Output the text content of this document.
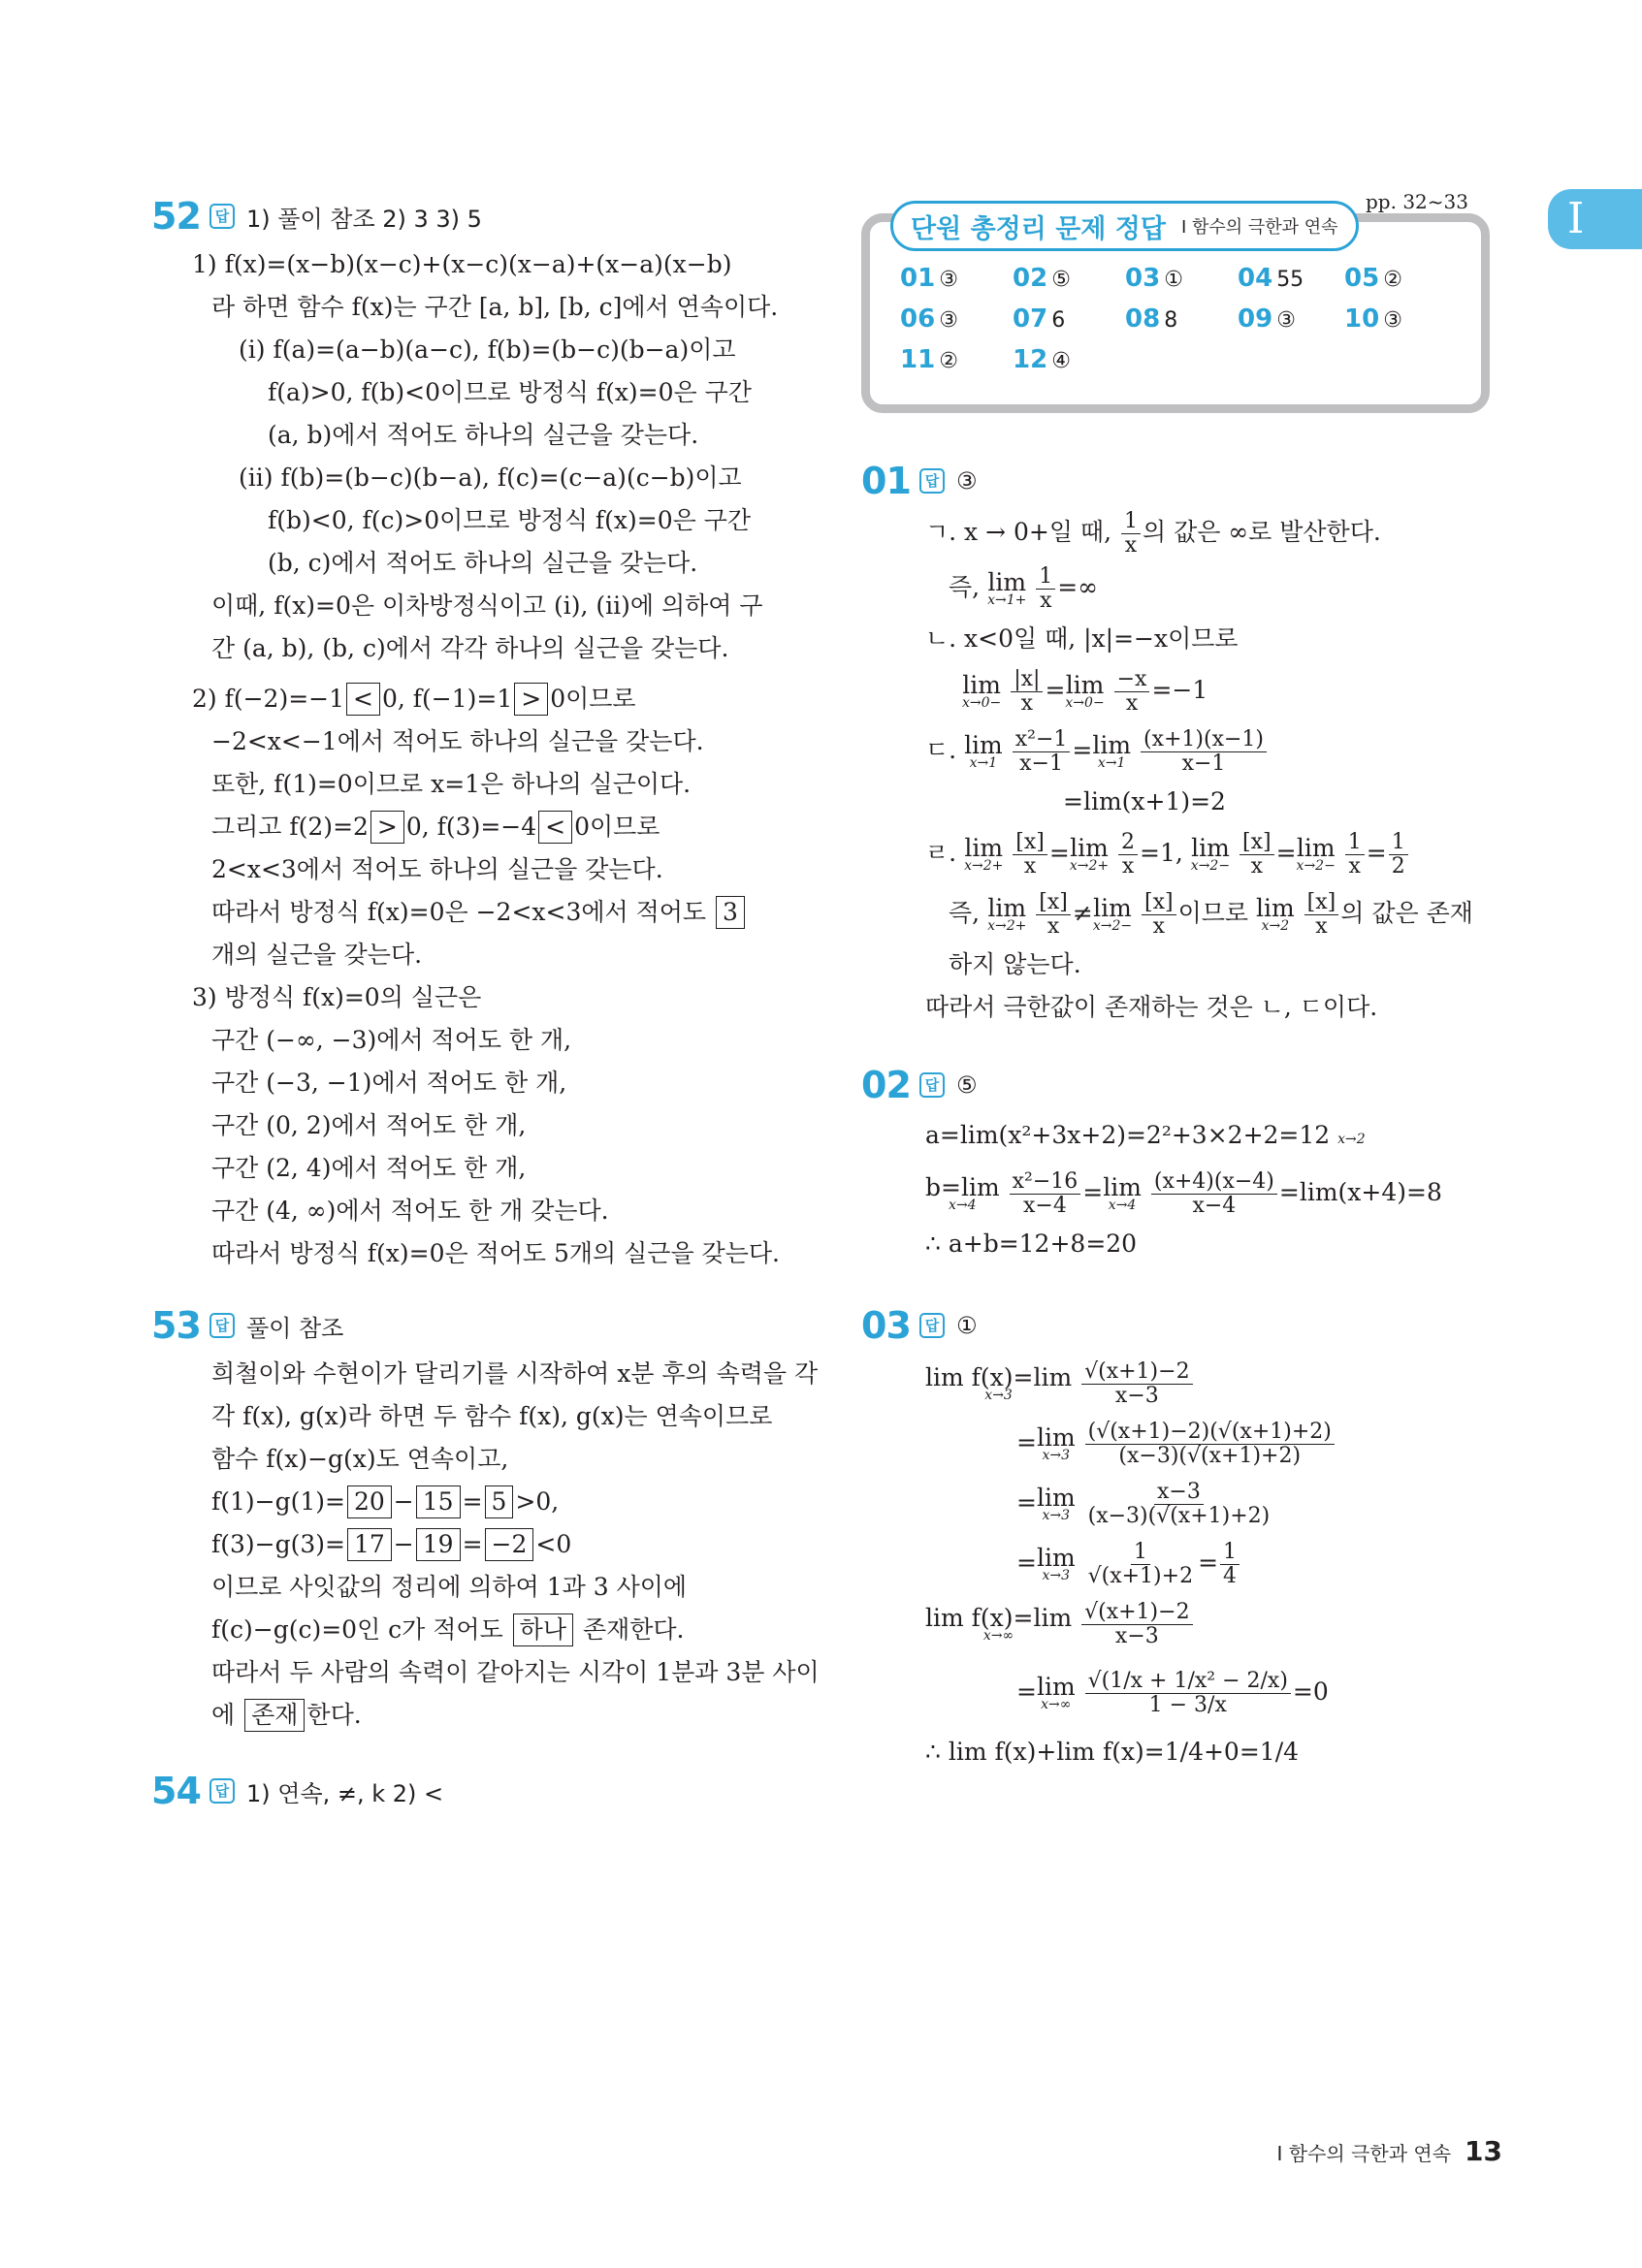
I
52 답 1) 풀이 참조 2) 3 3) 5
1) f(x)=(x−b)(x−c)+(x−c)(x−a)+(x−a)(x−b)
라 하면 함수 f(x)는 구간 [a, b], [b, c]에서 연속이다.
(i) f(a)=(a−b)(a−c), f(b)=(b−c)(b−a)이고
f(a)>0, f(b)<0이므로 방정식 f(x)=0은 구간
(a, b)에서 적어도 하나의 실근을 갖는다.
(ii) f(b)=(b−c)(b−a), f(c)=(c−a)(c−b)이고
f(b)<0, f(c)>0이므로 방정식 f(x)=0은 구간
(b, c)에서 적어도 하나의 실근을 갖는다.
이때, f(x)=0은 이차방정식이고 (i), (ii)에 의하여 구
간 (a, b), (b, c)에서 각각 하나의 실근을 갖는다.
2) f(−2)=−1 < 0, f(−1)=1 > 0이므로
−2<x<−1에서 적어도 하나의 실근을 갖는다.
또한, f(1)=0이므로 x=1은 하나의 실근이다.
그리고 f(2)=2 > 0, f(3)=−4 < 0이므로
2<x<3에서 적어도 하나의 실근을 갖는다.
따라서 방정식 f(x)=0은 −2<x<3에서 적어도 3
개의 실근을 갖는다.
3) 방정식 f(x)=0의 실근은
구간 (−∞, −3)에서 적어도 한 개,
구간 (−3, −1)에서 적어도 한 개,
구간 (0, 2)에서 적어도 한 개,
구간 (2, 4)에서 적어도 한 개,
구간 (4, ∞)에서 적어도 한 개 갖는다.
따라서 방정식 f(x)=0은 적어도 5개의 실근을 갖는다.
53 답 풀이 참조
희철이와 수현이가 달리기를 시작하여 x분 후의 속력을 각
각 f(x), g(x)라 하면 두 함수 f(x), g(x)는 연속이므로
함수 f(x)−g(x)도 연속이고,
f(1)−g(1)= 20 − 15 = 5 >0,
f(3)−g(3)= 17 − 19 = −2 <0
이므로 사잇값의 정리에 의하여 1과 3 사이에
f(c)−g(c)=0인 c가 적어도 하나 존재한다.
따라서 두 사람의 속력이 같아지는 시각이 1분과 3분 사이
에 존재 한다.
54 답 1) 연속, ≠, k 2) <
단원 총정리 문제 정답 I 함수의 극한과 연속
pp. 32~33
01 ③	02 ⑤	03 ①	04 55	05 ②
06 ③	07 6	08 8	09 ③	10 ③
11 ②	12 ④
01 답 ③
ㄱ. x → 0+일 때, $\frac{1}{x}$ 의 값은 ∞로 발산한다.
즉, lim
x→1+
$\frac{1}{x}$ =∞
ㄴ. x<0일 때, |x|=−x이므로
lim
x→0−
$\frac{|x|}{x} = \lim$
x→0−
$\frac{-x}{x} =-1$
ㄷ. lim
x→1
$\frac{\text{x²−1}}{x-1} = \lim$
x→1
$\frac{(x+1)(x-1)}{x-1}$
=lim(x+1)=2
ㄹ. lim
x→2+
$\frac{[x]}{x} = \lim$
x→2+
$\frac{2}{x} =1$, lim
x→2−
$\frac{[x]}{x} = \lim$
x→2−
$\frac{1}{x} = \frac{1}{2}$
즉, lim
x→2+
$\frac{[x]}{x} \ne \lim$
x→2−
$\frac{[x]}{x}$ 이므로 lim
x→2
$\frac{[x]}{x}$ 의 값은 존재
하지 않는다.
따라서 극한값이 존재하는 것은 ㄴ, ㄷ이다.
02 답 ⑤
a=lim(x²+3x+2)=2²+3×2+2=12 x→2
b=lim
x→4
$\frac{\text{x²−16}}{x-4} = \lim$
x→4
$\frac{(x+4)(x-4)}{x-4} =\lim(x+4)=8$
∴ a+b=12+8=20
03 답 ①
lim f(x)=lim
x→3
	$\frac{√(x+1)-2}{x-3}$
= lim
x→3
$\frac{(√(x+1)-2)(√(x+1)+2)}{(x-3)(√(x+1)+2)}$
= lim
x→3
$\frac{x-3}{(x-3)(√(x+1)+2)}$
= lim
x→3
$\frac{1}{√(x+1)+2} = \frac{1}{4}$
lim f(x)=lim
x→∞
	$\frac{√(x+1)-2}{x-3}$
= lim
x→∞
$\frac{\text{√(1/x + 1/x² − 2/x)}}{1 - 3/x} =0$
∴ lim f(x)+lim f(x)=1/4+0=1/4
I 함수의 극한과 연속 13
